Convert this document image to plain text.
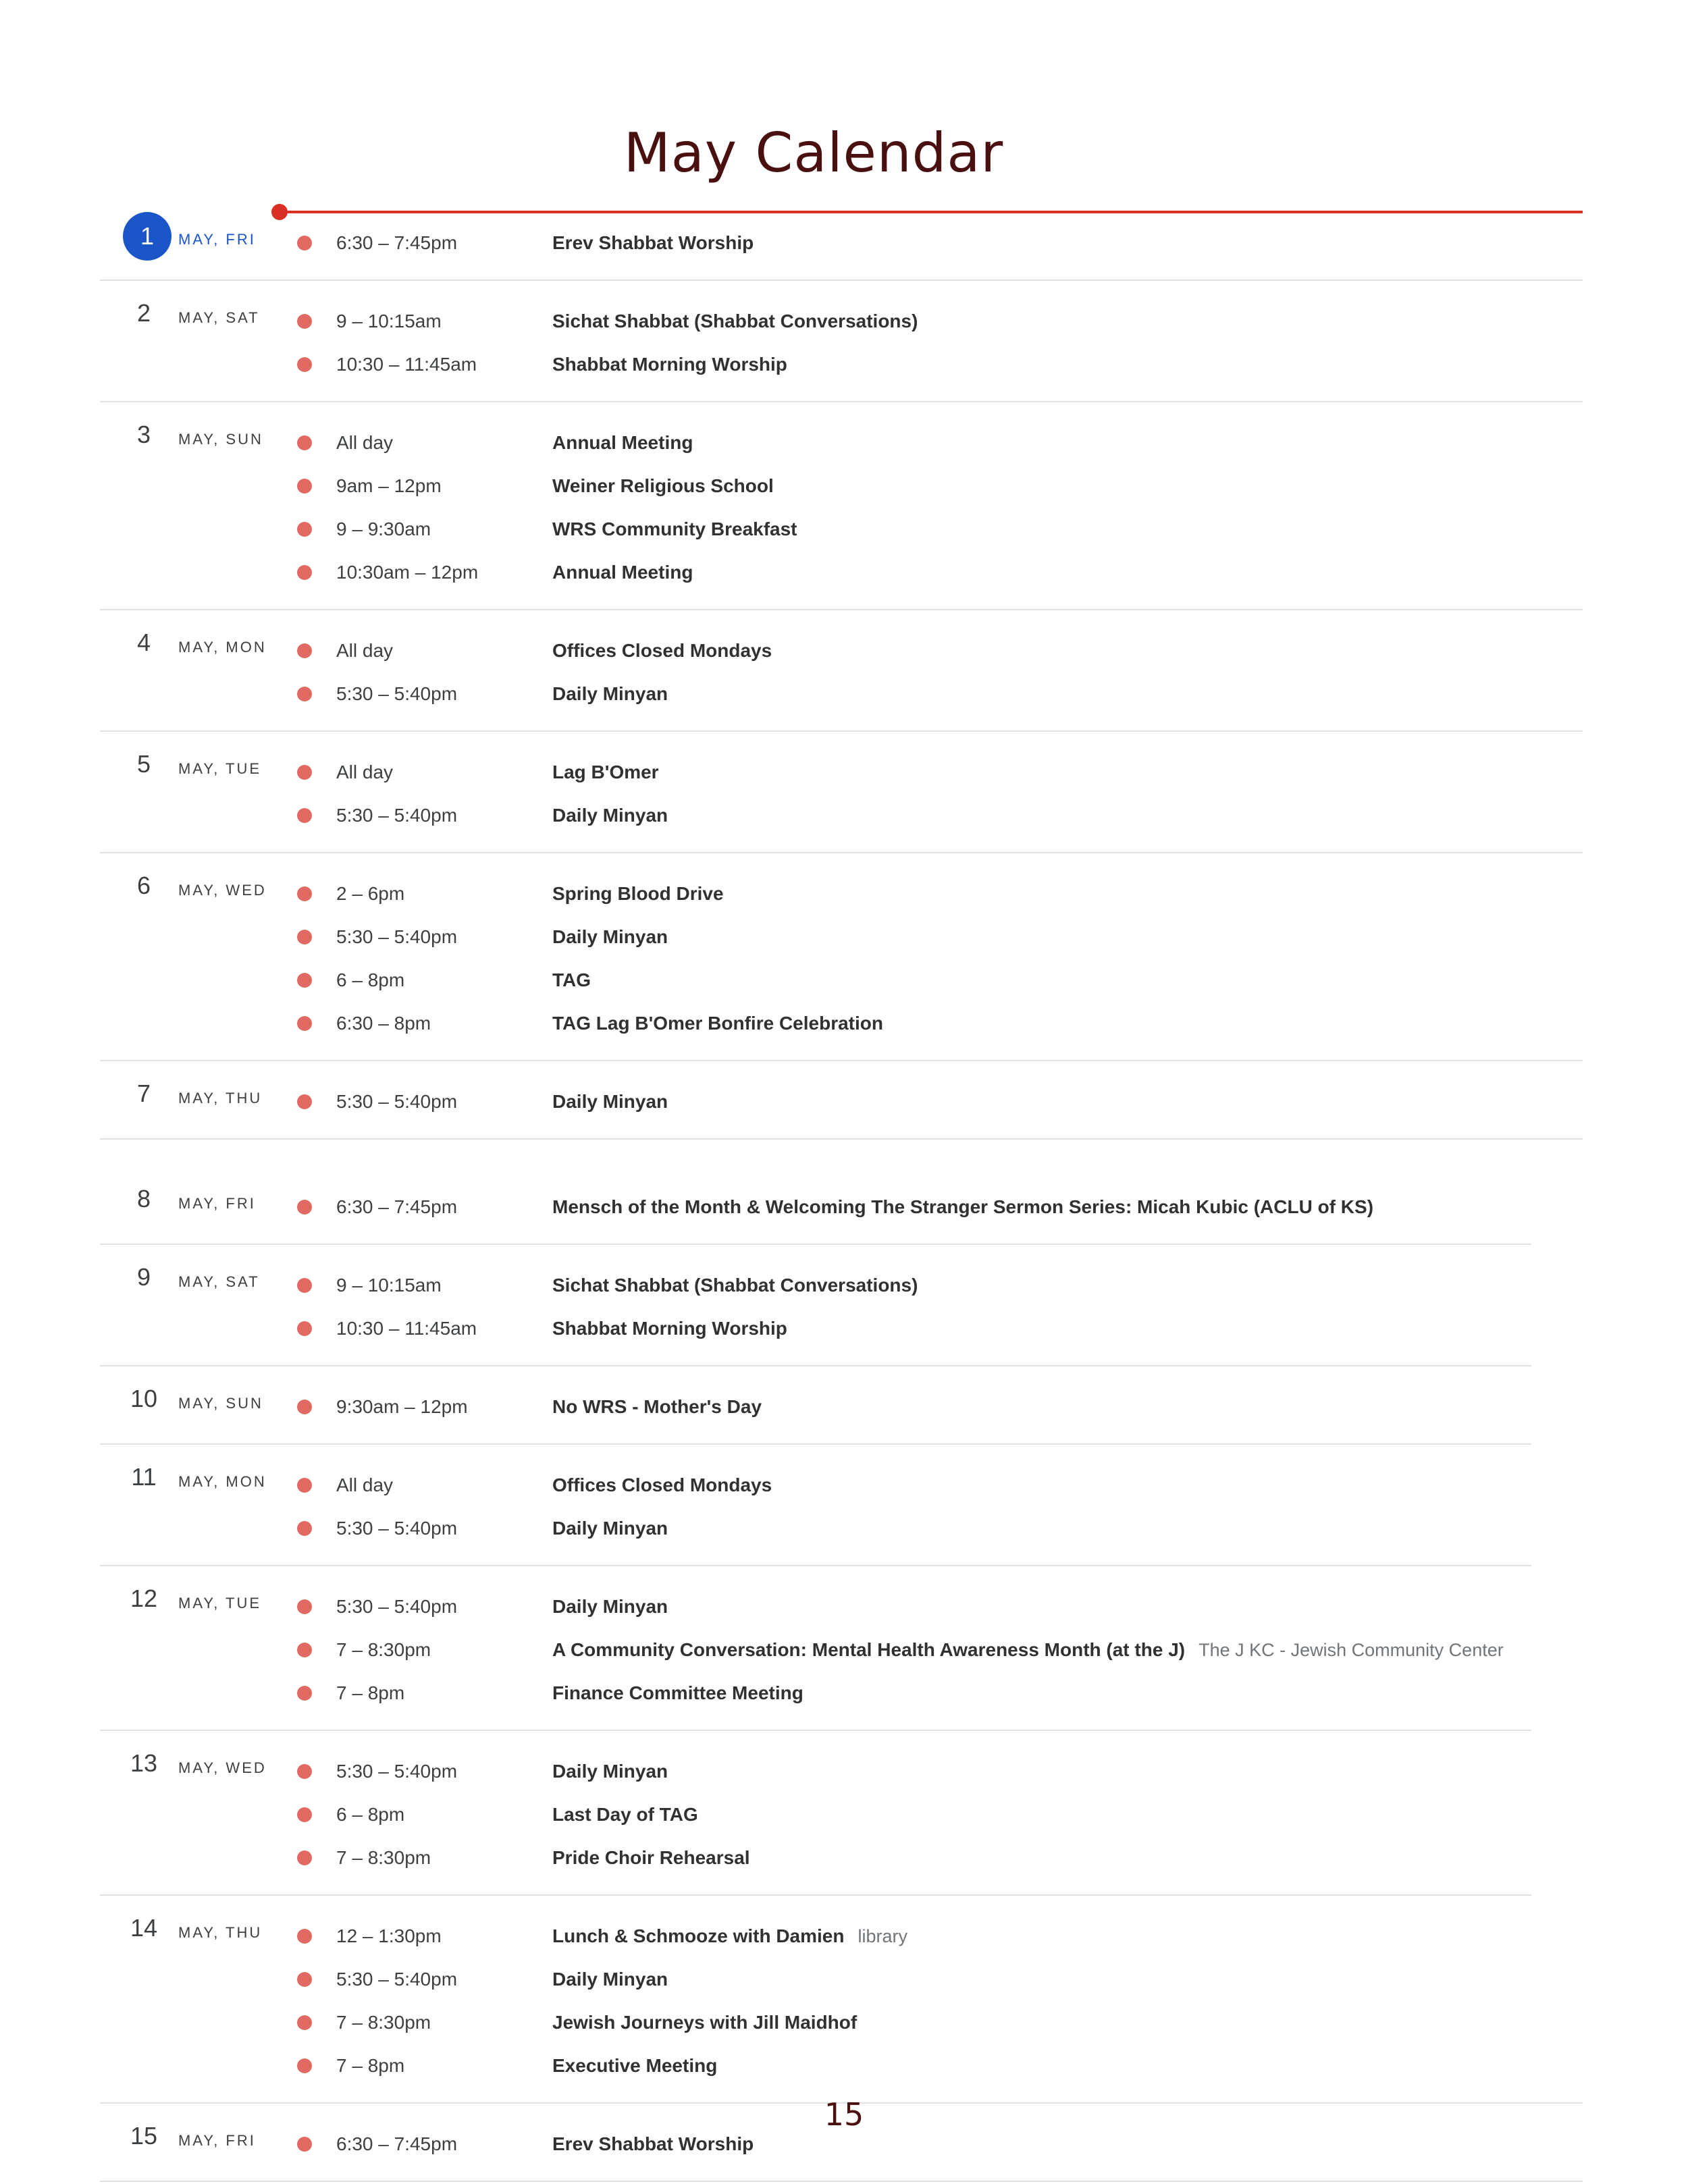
May Calendar
1	MAY, FRI	6:30 – 7:45pm	Erev Shabbat Worship
2	MAY, SAT	9 – 10:15am	Sichat Shabbat (Shabbat Conversations)
10:30 – 11:45am	Shabbat Morning Worship
3	MAY, SUN	All day	Annual Meeting
9am – 12pm	Weiner Religious School
9 – 9:30am	WRS Community Breakfast
10:30am – 12pm	Annual Meeting
4	MAY, MON	All day	Offices Closed Mondays
5:30 – 5:40pm	Daily Minyan
5	MAY, TUE	All day	Lag B'Omer
5:30 – 5:40pm	Daily Minyan
6	MAY, WED	2 – 6pm	Spring Blood Drive
5:30 – 5:40pm	Daily Minyan
6 – 8pm	TAG
6:30 – 8pm	TAG Lag B'Omer Bonfire Celebration
7	MAY, THU	5:30 – 5:40pm	Daily Minyan
8	MAY, FRI	6:30 – 7:45pm	Mensch of the Month & Welcoming The Stranger Sermon Series: Micah Kubic (ACLU of KS)
9	MAY, SAT	9 – 10:15am	Sichat Shabbat (Shabbat Conversations)
10:30 – 11:45am	Shabbat Morning Worship
10	MAY, SUN	9:30am – 12pm	No WRS - Mother's Day
11	MAY, MON	All day	Offices Closed Mondays
5:30 – 5:40pm	Daily Minyan
12	MAY, TUE	5:30 – 5:40pm	Daily Minyan
7 – 8:30pm	A Community Conversation: Mental Health Awareness Month (at the J) The J KC - Jewish Community Center
7 – 8pm	Finance Committee Meeting
13	MAY, WED	5:30 – 5:40pm	Daily Minyan
6 – 8pm	Last Day of TAG
7 – 8:30pm	Pride Choir Rehearsal
14	MAY, THU	12 – 1:30pm	Lunch & Schmooze with Damien library
5:30 – 5:40pm	Daily Minyan
7 – 8:30pm	Jewish Journeys with Jill Maidhof
7 – 8pm	Executive Meeting
15	MAY, FRI	6:30 – 7:45pm	Erev Shabbat Worship
15
